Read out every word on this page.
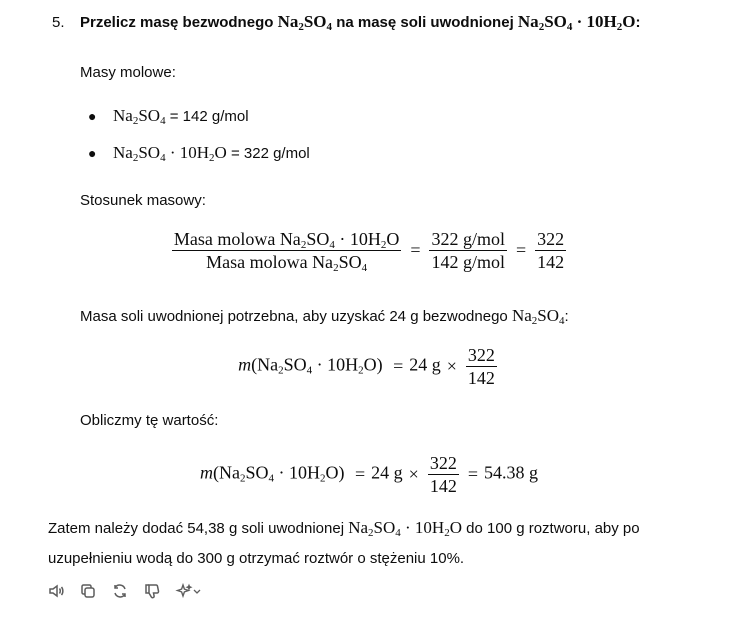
5. Przelicz masę bezwodnego $Na_2SO_4$ na masę soli uwodnionej $Na_2SO_4 \cdot 10H_2O$:
Masy molowe:
● $Na_2SO_4 = 142$ g/mol
● $Na_2SO_4 \cdot 10H_2O = 322$ g/mol
Stosunek masowy:
$\frac{Masa molowa Na_2SO_4 \cdot 10H_2O}{Masa molowa Na_2SO_4} = \frac{\text{322 g/mol}}{\text{142 g/mol}} = \frac{322}{142}$
Masa soli uwodnionej potrzebna, aby uzyskać 24 g bezwodnego $Na_2SO_4$:
$m(Na_2SO_4 \cdot 10H_2O) = 24$ $g \times \frac{322}{142}$
Obliczmy tę wartość:
$m(Na_2SO_4 \cdot 10H_2O) = 24$ $g \times \frac{322}{142} = 54.38$ g
Zatem należy dodać 54,38 g soli uwodnionej $Na_2SO_4 \cdot 10H_2O$ do 100 g roztworu, aby po uzupełnieniu wodą do 300 g otrzymać roztwór o stężeniu 10%.
